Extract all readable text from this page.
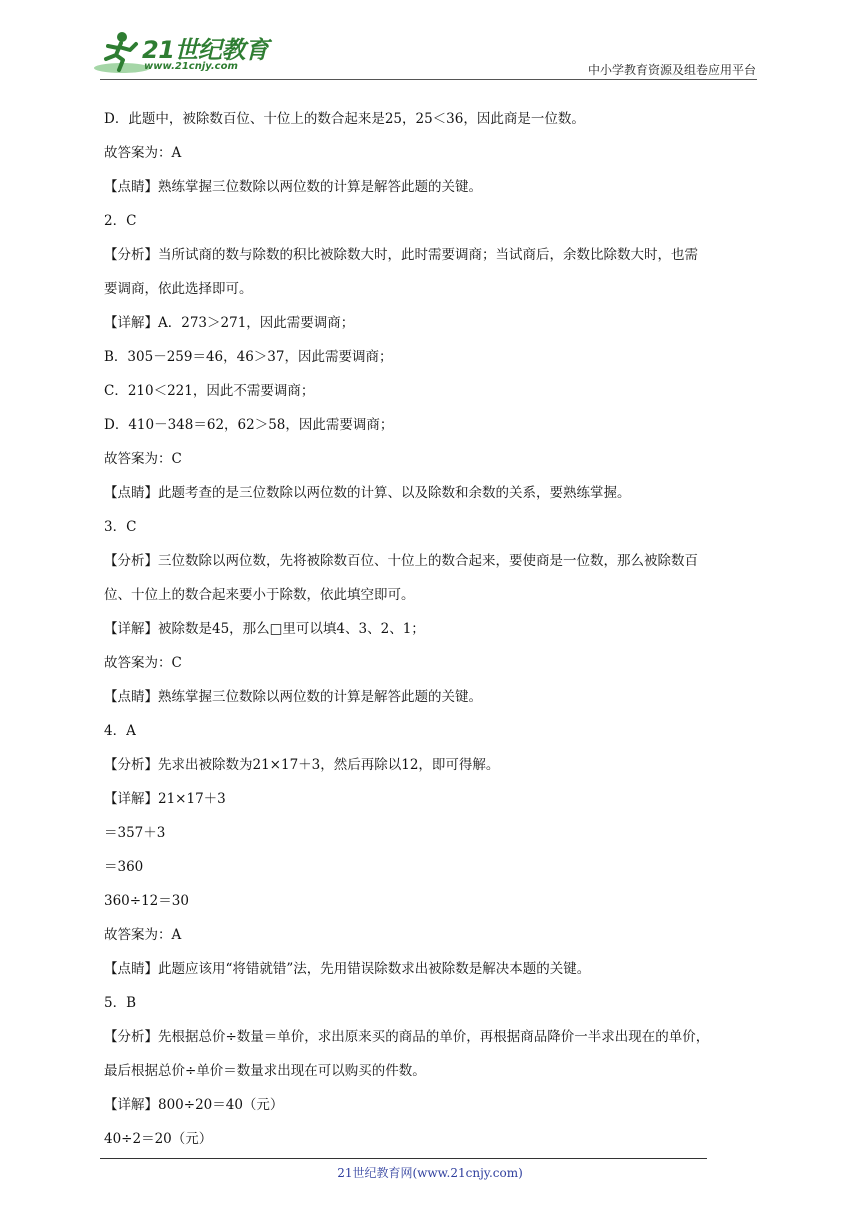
21世纪教育
www.21cnjy.com	中小学教育资源及组卷应用平台
D．此题中，被除数百位、十位上的数合起来是25，25＜36，因此商是一位数。
故答案为：A
【点睛】熟练掌握三位数除以两位数的计算是解答此题的关键。
2．C
【分析】当所试商的数与除数的积比被除数大时，此时需要调商；当试商后，余数比除数大时，也需
要调商，依此选择即可。
【详解】A．273＞271，因此需要调商；
B．305－259＝46，46＞37，因此需要调商；
C．210＜221，因此不需要调商；
D．410－348＝62，62＞58，因此需要调商；
故答案为：C
【点睛】此题考查的是三位数除以两位数的计算、以及除数和余数的关系，要熟练掌握。
3．C
【分析】三位数除以两位数，先将被除数百位、十位上的数合起来，要使商是一位数，那么被除数百
位、十位上的数合起来要小于除数，依此填空即可。
【详解】被除数是45，那么□里可以填4、3、2、1；
故答案为：C
【点睛】熟练掌握三位数除以两位数的计算是解答此题的关键。
4．A
【分析】先求出被除数为21×17＋3，然后再除以12，即可得解。
【详解】21×17＋3
＝357＋3
＝360
360÷12＝30
故答案为：A
【点睛】此题应该用“将错就错”法，先用错误除数求出被除数是解决本题的关键。
5．B
【分析】先根据总价÷数量＝单价，求出原来买的商品的单价，再根据商品降价一半求出现在的单价，
最后根据总价÷单价＝数量求出现在可以购买的件数。
【详解】800÷20＝40（元）
40÷2＝20（元）
21世纪教育网(www.21cnjy.com)
